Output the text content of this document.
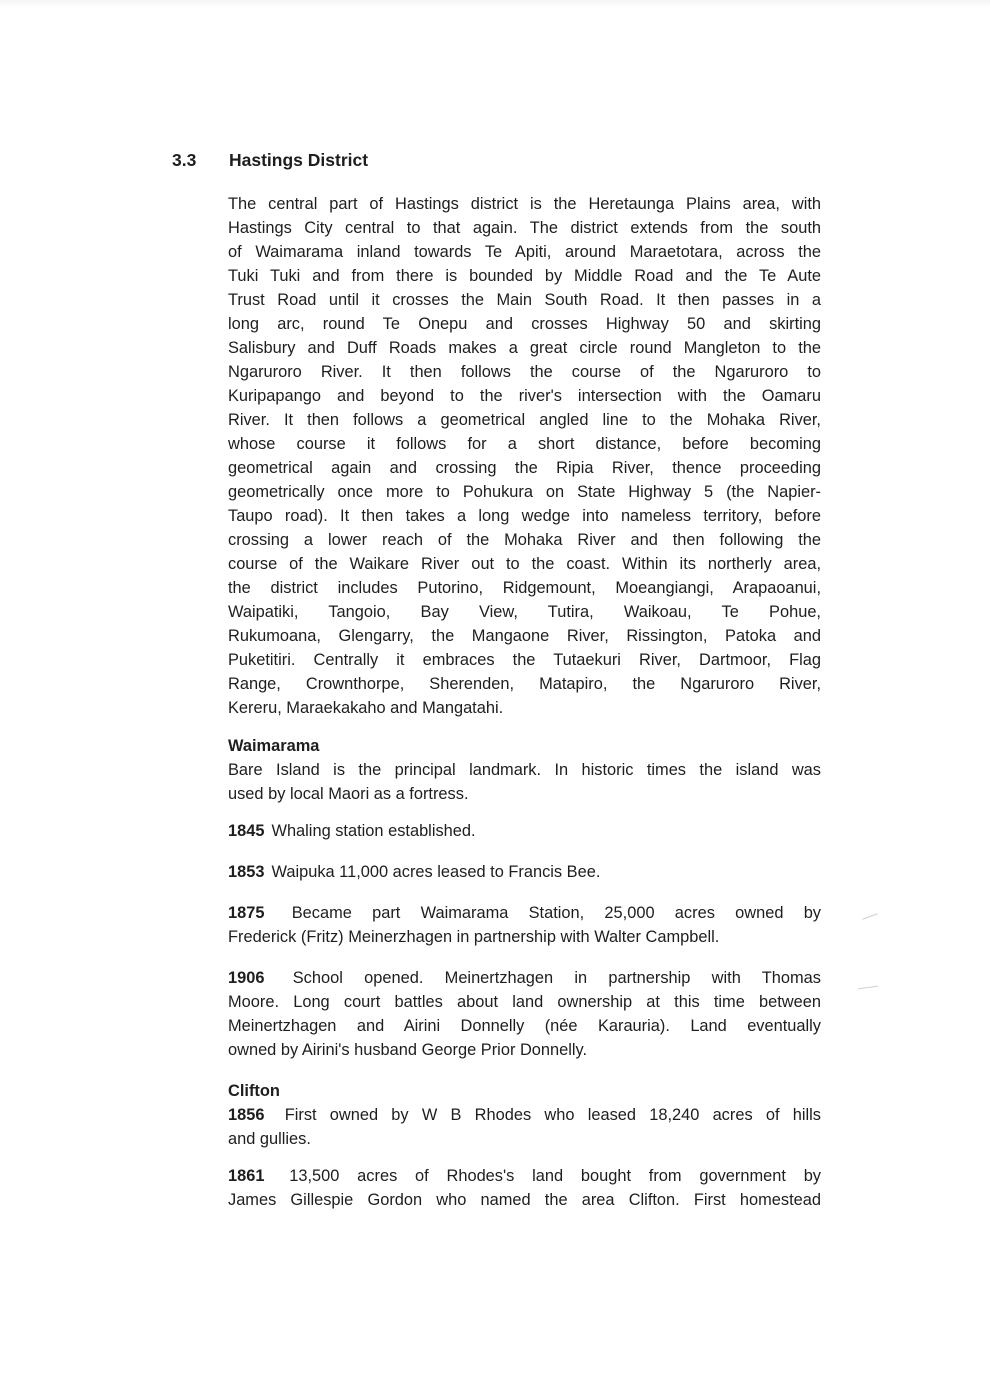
3.3 Hastings District
The central part of Hastings district is the Heretaunga Plains area, with
Hastings City central to that again. The district extends from the south
of Waimarama inland towards Te Apiti, around Maraetotara, across the
Tuki Tuki and from there is bounded by Middle Road and the Te Aute
Trust Road until it crosses the Main South Road. It then passes in a
long arc, round Te Onepu and crosses Highway 50 and skirting
Salisbury and Duff Roads makes a great circle round Mangleton to the
Ngaruroro River. It then follows the course of the Ngaruroro to
Kuripapango and beyond to the river's intersection with the Oamaru
River. It then follows a geometrical angled line to the Mohaka River,
whose course it follows for a short distance, before becoming
geometrical again and crossing the Ripia River, thence proceeding
geometrically once more to Pohukura on State Highway 5 (the Napier-
Taupo road). It then takes a long wedge into nameless territory, before
crossing a lower reach of the Mohaka River and then following the
course of the Waikare River out to the coast. Within its northerly area,
the district includes Putorino, Ridgemount, Moeangiangi, Arapaoanui,
Waipatiki, Tangoio, Bay View, Tutira, Waikoau, Te Pohue,
Rukumoana, Glengarry, the Mangaone River, Rissington, Patoka and
Puketitiri. Centrally it embraces the Tutaekuri River, Dartmoor, Flag
Range, Crownthorpe, Sherenden, Matapiro, the Ngaruroro River,
Kereru, Maraekakaho and Mangatahi.
Waimarama
Bare Island is the principal landmark. In historic times the island was
used by local Maori as a fortress.
1845 Whaling station established.
1853 Waipuka 11,000 acres leased to Francis Bee.
1875 Became part Waimarama Station, 25,000 acres owned by
Frederick (Fritz) Meinerzhagen in partnership with Walter Campbell.
1906 School opened. Meinertzhagen in partnership with Thomas
Moore. Long court battles about land ownership at this time between
Meinertzhagen and Airini Donnelly (née Karauria). Land eventually
owned by Airini's husband George Prior Donnelly.
Clifton
1856 First owned by W B Rhodes who leased 18,240 acres of hills
and gullies.
1861 13,500 acres of Rhodes's land bought from government by
James Gillespie Gordon who named the area Clifton. First homestead
